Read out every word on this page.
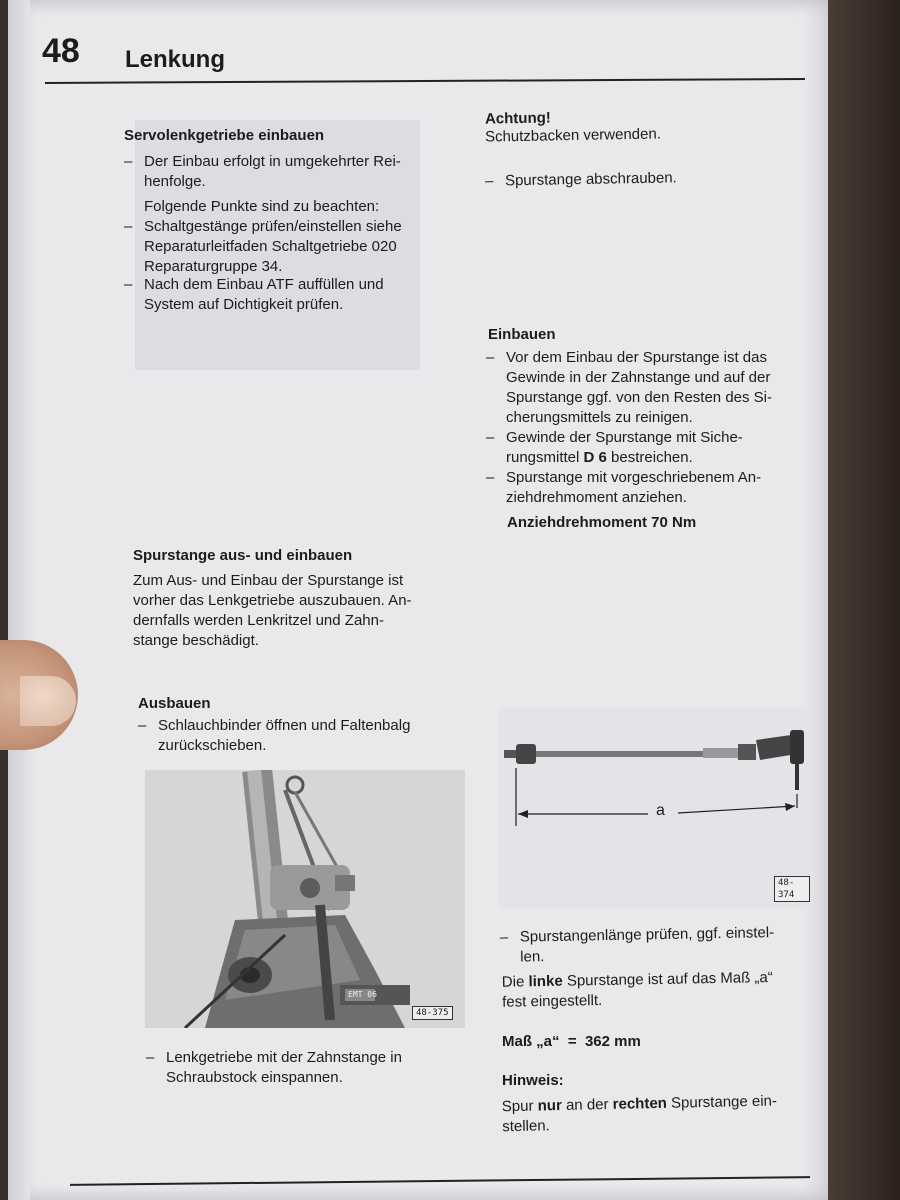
48 Lenkung
Servolenkgetriebe einbauen
– Der Einbau erfolgt in umgekehrter Rei-
henfolge.
Folgende Punkte sind zu beachten:
– Schaltgestänge prüfen/einstellen siehe
Reparaturleitfaden Schaltgetriebe 020
Reparaturgruppe 34.
– Nach dem Einbau ATF auffüllen und
System auf Dichtigkeit prüfen.
Spurstange aus- und einbauen
Zum Aus- und Einbau der Spurstange ist
vorher das Lenkgetriebe auszubauen. An-
dernfalls werden Lenkritzel und Zahn-
stange beschädigt.
Ausbauen
– Schlauchbinder öffnen und Faltenbalg
zurückschieben.
48-375
EMT 06
– Lenkgetriebe mit der Zahnstange in
Schraubstock einspannen.
Achtung!
Schutzbacken verwenden.
– Spurstange abschrauben.
Einbauen
– Vor dem Einbau der Spurstange ist das
Gewinde in der Zahnstange und auf der
Spurstange ggf. von den Resten des Si-
cherungsmittels zu reinigen.
– Gewinde der Spurstange mit Siche-
rungsmittel D 6 bestreichen.
– Spurstange mit vorgeschriebenem An-
ziehdrehmoment anziehen.
Anziehdrehmoment 70 Nm
a
48-374
– Spurstangenlänge prüfen, ggf. einstel-
len.
Die linke Spurstange ist auf das Maß „a“
fest eingestellt.
Maß „a“  =  362 mm
Hinweis:
Spur nur an der rechten Spurstange ein-
stellen.
